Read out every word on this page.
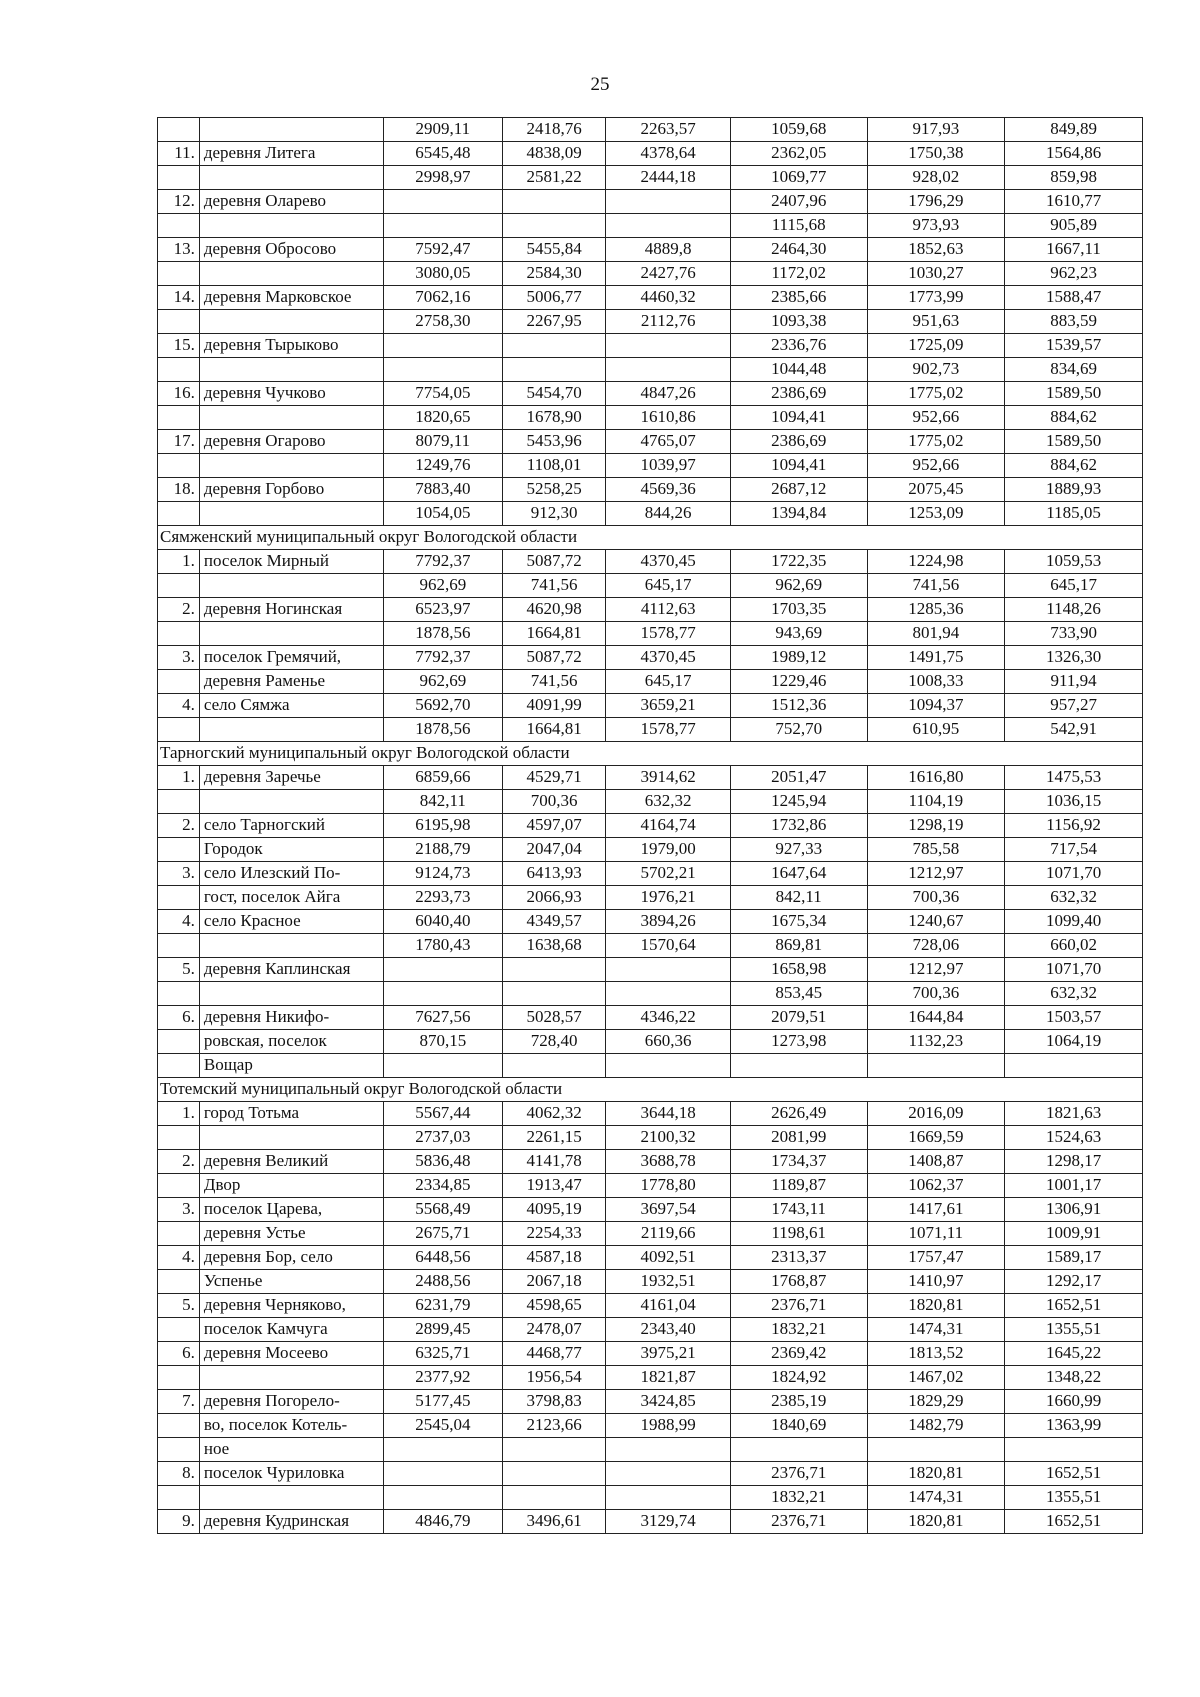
25
		2909,11	2418,76	2263,57	1059,68	917,93	849,89
11.	деревня Литега	6545,48	4838,09	4378,64	2362,05	1750,38	1564,86
		2998,97	2581,22	2444,18	1069,77	928,02	859,98
12.	деревня Оларево				2407,96	1796,29	1610,77
					1115,68	973,93	905,89
13.	деревня Обросово	7592,47	5455,84	4889,8	2464,30	1852,63	1667,11
		3080,05	2584,30	2427,76	1172,02	1030,27	962,23
14.	деревня Марковское	7062,16	5006,77	4460,32	2385,66	1773,99	1588,47
		2758,30	2267,95	2112,76	1093,38	951,63	883,59
15.	деревня Тырыково				2336,76	1725,09	1539,57
					1044,48	902,73	834,69
16.	деревня Чучково	7754,05	5454,70	4847,26	2386,69	1775,02	1589,50
		1820,65	1678,90	1610,86	1094,41	952,66	884,62
17.	деревня Огарово	8079,11	5453,96	4765,07	2386,69	1775,02	1589,50
		1249,76	1108,01	1039,97	1094,41	952,66	884,62
18.	деревня Горбово	7883,40	5258,25	4569,36	2687,12	2075,45	1889,93
		1054,05	912,30	844,26	1394,84	1253,09	1185,05
Сямженский муниципальный округ Вологодской области							
1.	поселок Мирный	7792,37	5087,72	4370,45	1722,35	1224,98	1059,53
		962,69	741,56	645,17	962,69	741,56	645,17
2.	деревня Ногинская	6523,97	4620,98	4112,63	1703,35	1285,36	1148,26
		1878,56	1664,81	1578,77	943,69	801,94	733,90
3.	поселок Гремячий,	7792,37	5087,72	4370,45	1989,12	1491,75	1326,30
	деревня Раменье	962,69	741,56	645,17	1229,46	1008,33	911,94
4.	село Сямжа	5692,70	4091,99	3659,21	1512,36	1094,37	957,27
		1878,56	1664,81	1578,77	752,70	610,95	542,91
Тарногский муниципальный округ Вологодской области							
1.	деревня Заречье	6859,66	4529,71	3914,62	2051,47	1616,80	1475,53
		842,11	700,36	632,32	1245,94	1104,19	1036,15
2.	село Тарногский	6195,98	4597,07	4164,74	1732,86	1298,19	1156,92
	Городок	2188,79	2047,04	1979,00	927,33	785,58	717,54
3.	село Илезский По-	9124,73	6413,93	5702,21	1647,64	1212,97	1071,70
	гост, поселок Айга	2293,73	2066,93	1976,21	842,11	700,36	632,32
4.	село Красное	6040,40	4349,57	3894,26	1675,34	1240,67	1099,40
		1780,43	1638,68	1570,64	869,81	728,06	660,02
5.	деревня Каплинская				1658,98	1212,97	1071,70
					853,45	700,36	632,32
6.	деревня Никифо-	7627,56	5028,57	4346,22	2079,51	1644,84	1503,57
	ровская, поселок	870,15	728,40	660,36	1273,98	1132,23	1064,19
	Вощар						
Тотемский муниципальный округ Вологодской области							
1.	город Тотьма	5567,44	4062,32	3644,18	2626,49	2016,09	1821,63
		2737,03	2261,15	2100,32	2081,99	1669,59	1524,63
2.	деревня Великий	5836,48	4141,78	3688,78	1734,37	1408,87	1298,17
	Двор	2334,85	1913,47	1778,80	1189,87	1062,37	1001,17
3.	поселок Царева,	5568,49	4095,19	3697,54	1743,11	1417,61	1306,91
	деревня Устье	2675,71	2254,33	2119,66	1198,61	1071,11	1009,91
4.	деревня Бор, село	6448,56	4587,18	4092,51	2313,37	1757,47	1589,17
	Успенье	2488,56	2067,18	1932,51	1768,87	1410,97	1292,17
5.	деревня Черняково,	6231,79	4598,65	4161,04	2376,71	1820,81	1652,51
	поселок Камчуга	2899,45	2478,07	2343,40	1832,21	1474,31	1355,51
6.	деревня Мосеево	6325,71	4468,77	3975,21	2369,42	1813,52	1645,22
		2377,92	1956,54	1821,87	1824,92	1467,02	1348,22
7.	деревня Погорело-	5177,45	3798,83	3424,85	2385,19	1829,29	1660,99
	во, поселок Котель-	2545,04	2123,66	1988,99	1840,69	1482,79	1363,99
	ное						
8.	поселок Чуриловка				2376,71	1820,81	1652,51
					1832,21	1474,31	1355,51
9.	деревня Кудринская	4846,79	3496,61	3129,74	2376,71	1820,81	1652,51
